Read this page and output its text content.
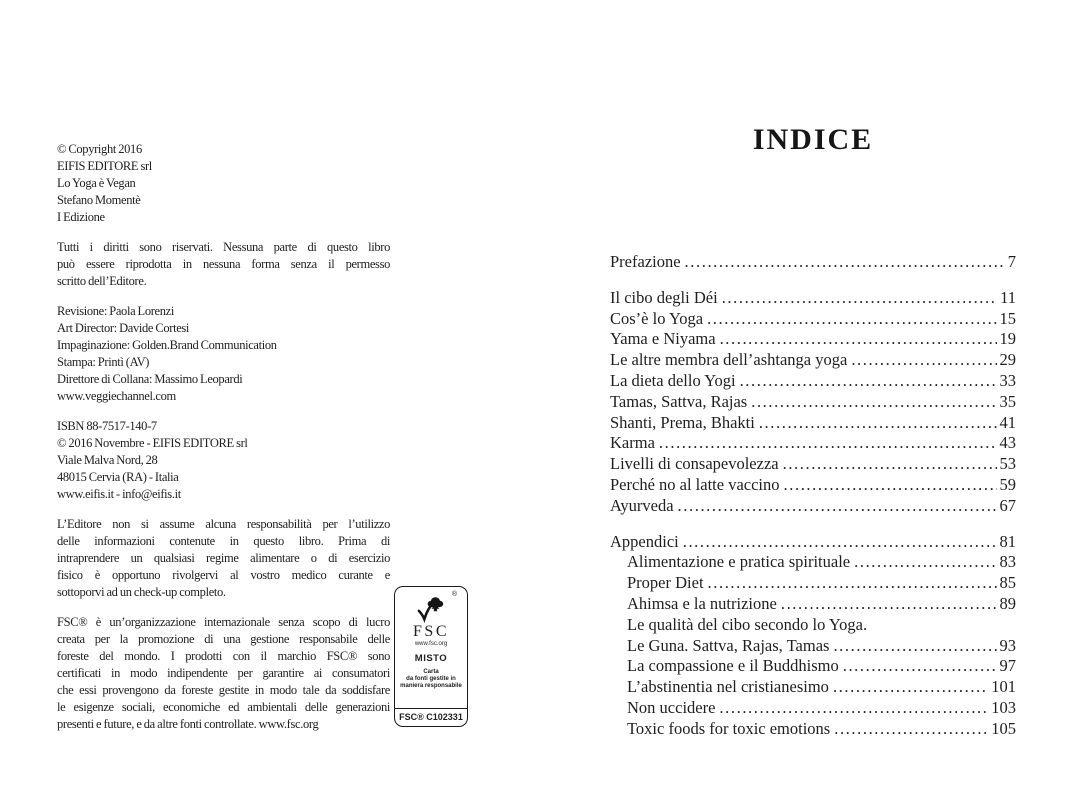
© Copyright 2016
EIFIS EDITORE srl
Lo Yoga è Vegan
Stefano Momentè
I Edizione
Tutti i diritti sono riservati. Nessuna parte di questo libro
può essere riprodotta in nessuna forma senza il permesso
scritto dell’Editore.
Revisione: Paola Lorenzi
Art Director: Davide Cortesi
Impaginazione: Golden.Brand Communication
Stampa: Printì (AV)
Direttore di Collana: Massimo Leopardi
www.veggiechannel.com
ISBN 88-7517-140-7
© 2016 Novembre - EIFIS EDITORE srl
Viale Malva Nord, 28
48015 Cervia (RA) - Italia
www.eifis.it - info@eifis.it
L’Editore non si assume alcuna responsabilità per l’utilizzo
delle informazioni contenute in questo libro. Prima di
intraprendere un qualsiasi regime alimentare o di esercizio
fisico è opportuno rivolgervi al vostro medico curante e
sottoporvi ad un check-up completo.
FSC® è un’organizzazione internazionale senza scopo di lucro
creata per la promozione di una gestione responsabile delle
foreste del mondo. I prodotti con il marchio FSC® sono
certificati in modo indipendente per garantire ai consumatori
che essi provengono da foreste gestite in modo tale da soddisfare
le esigenze sociali, economiche ed ambientali delle generazioni
presenti e future, e da altre fonti controllate. www.fsc.org
®
FSC
www.fsc.org
MISTO
Carta
da fonti gestite in
maniera responsabile
FSC® C102331
INDICE
Prefazione .....	7
Il cibo degli Déi .....	11
Cos’è lo Yoga .....	15
Yama e Niyama .....	19
Le altre membra dell’ashtanga yoga .....	29
La dieta dello Yogi .....	33
Tamas, Sattva, Rajas .....	35
Shanti, Prema, Bhakti .....	41
Karma .....	43
Livelli di consapevolezza .....	53
Perché no al latte vaccino .....	59
Ayurveda .....	67
Appendici .....	81
Alimentazione e pratica spirituale .....	83
Proper Diet .....	85
Ahimsa e la nutrizione .....	89
Le qualità del cibo secondo lo Yoga.
Le Guna. Sattva, Rajas, Tamas .....	93
La compassione e il Buddhismo .....	97
L’abstinentia nel cristianesimo .....	101
Non uccidere .....	103
Toxic foods for toxic emotions .....	105
